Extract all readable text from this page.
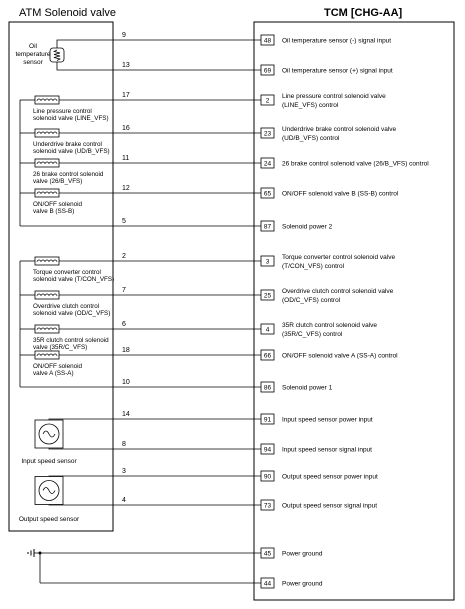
ATM Solenoid valve	TCM [CHG-AA]
9
48 Oil temperature sensor (-) signal input
13
69 Oil temperature sensor (+) signal input
17
2
Line pressure control solenoid valve
(LINE_VFS) control
16
23
Underdrive brake control solenoid valve
(UD/B_VFS) control
11
24 26 brake control solenoid valve (26/B_VFS) control
12
65 ON/OFF solenoid valve B (SS-B) control
5
87 Solenoid power 2
2
3
Torque converter control solenoid valve
(T/CON_VFS) control
7
25
Overdrive clutch control solenoid valve
(OD/C_VFS) control
6
4
35R clutch control solenoid valve
(35R/C_VFS) control
18
66 ON/OFF solenoid valve A (SS-A) control
10
86 Solenoid power 1
14
91 Input speed sensor power input
8
94 Input speed sensor signal input
3
90 Output speed sensor power input
4
73 Output speed sensor signal input
45 Power ground
44 Power ground
Oil
temperature
sensor
Line pressure control
solenoid valve (LINE_VFS)
Underdrive brake control
solenoid valve (UD/B_VFS)
26 brake control solenoid
valve (26/B_VFS)
ON/OFF solenoid
valve B (SS-B)
Torque converter control
solenoid valve (T/CON_VFS)
Overdrive clutch control
solenoid valve (OD/C_VFS)
35R clutch control solenoid
valve (35R/C_VFS)
ON/OFF solenoid
valve A (SS-A)
Input speed sensor
Output speed sensor
